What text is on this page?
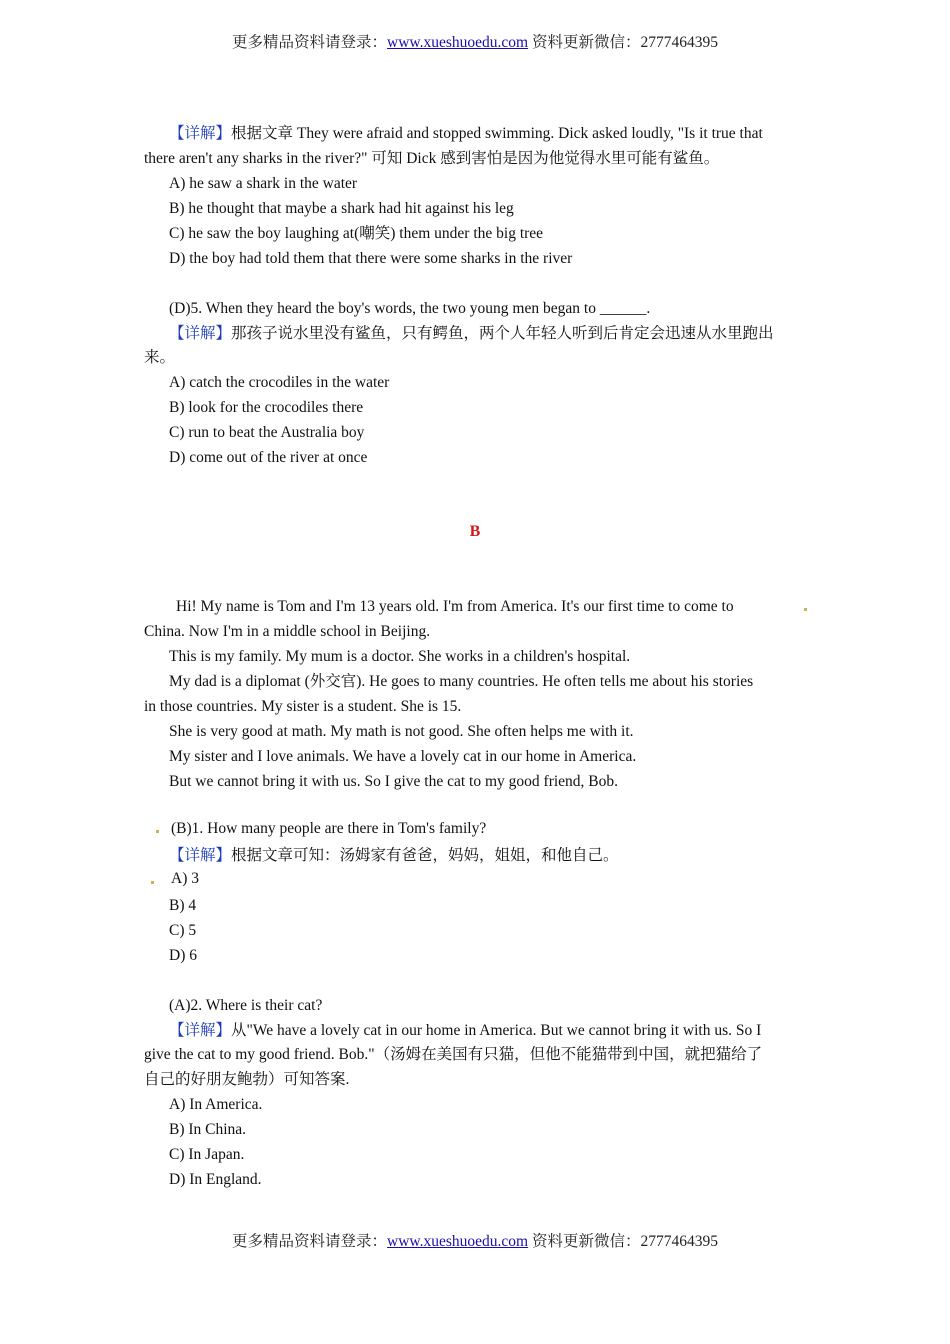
更多精品资料请登录：www.xueshuoedu.com 资料更新微信：2777464395
【详解】根据文章 They were afraid and stopped swimming. Dick asked loudly, "Is it true that
there aren't any sharks in the river?" 可知 Dick 感到害怕是因为他觉得水里可能有鲨鱼。
A) he saw a shark in the water
B) he thought that maybe a shark had hit against his leg
C) he saw the boy laughing at(嘲笑) them under the big tree
D) the boy had told them that there were some sharks in the river
(D)5. When they heard the boy's words, the two young men began to ______.
【详解】那孩子说水里没有鲨鱼，只有鳄鱼，两个人年轻人听到后肯定会迅速从水里跑出
来。
A) catch the crocodiles in the water
B) look for the crocodiles there
C) run to beat the Australia boy
D) come out of the river at once
B
Hi! My name is Tom and I'm 13 years old. I'm from America. It's our first time to come to
China. Now I'm in a middle school in Beijing.
This is my family. My mum is a doctor. She works in a children's hospital.
My dad is a diplomat (外交官). He goes to many countries. He often tells me about his stories
in those countries. My sister is a student. She is 15.
She is very good at math. My math is not good. She often helps me with it.
My sister and I love animals. We have a lovely cat in our home in America.
But we cannot bring it with us. So I give the cat to my good friend, Bob.
(B)1. How many people are there in Tom's family?
【详解】根据文章可知：汤姆家有爸爸，妈妈，姐姐，和他自己。
A) 3
B) 4
C) 5
D) 6
(A)2. Where is their cat?
【详解】从"We have a lovely cat in our home in America. But we cannot bring it with us. So I
give the cat to my good friend. Bob."（汤姆在美国有只猫，但他不能猫带到中国，就把猫给了
自己的好朋友鲍勃）可知答案.
A) In America.
B) In China.
C) In Japan.
D) In England.
更多精品资料请登录：www.xueshuoedu.com 资料更新微信：2777464395
